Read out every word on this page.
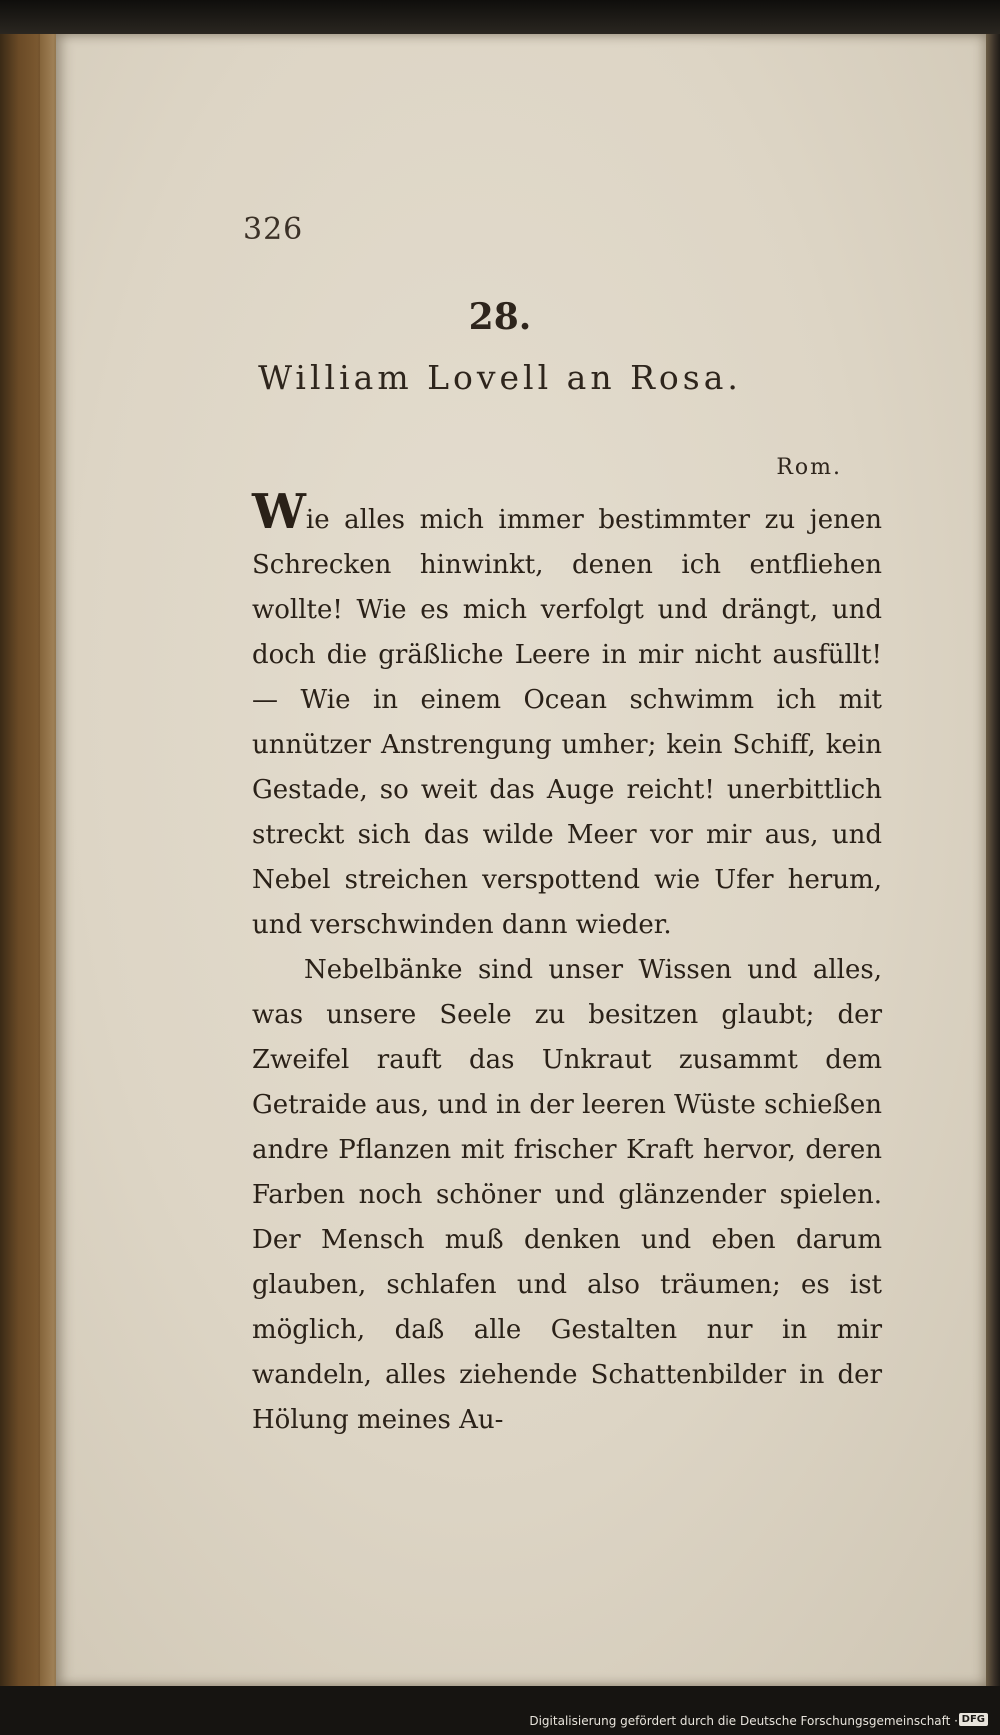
326
28.
William Lovell an Rosa.
Rom.

Wie alles mich immer bestimmter zu jenen Schrecken hinwinkt, denen ich entfliehen wollte! Wie es mich verfolgt und drängt, und doch die gräßliche Leere in mir nicht ausfüllt! — Wie in einem Ocean schwimm ich mit unnützer Anstrengung umher; kein Schiff, kein Gestade, so weit das Auge reicht! unerbittlich streckt sich das wilde Meer vor mir aus, und Nebel streichen verspottend wie Ufer herum, und verschwinden dann wieder.

Nebelbänke sind unser Wissen und alles, was unsere Seele zu besitzen glaubt; der Zweifel rauft das Unkraut zusammt dem Getraide aus, und in der leeren Wüste schießen andre Pflanzen mit frischer Kraft hervor, deren Farben noch schöner und glänzender spielen. Der Mensch muß denken und eben darum glauben, schlafen und also träumen; es ist möglich, daß alle Gestalten nur in mir wandeln, alles ziehende Schattenbilder in der Hölung meines Au-

Digitalisierung gefördert durch die Deutsche Forschungsgemeinschaft · DFG
